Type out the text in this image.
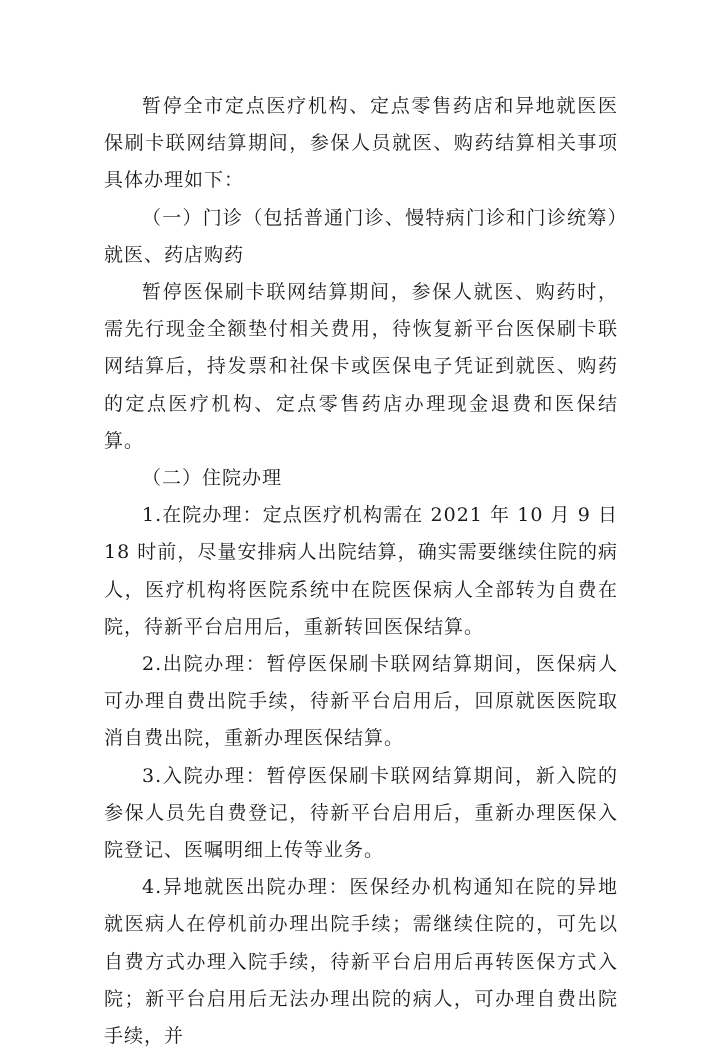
暂停全市定点医疗机构、定点零售药店和异地就医医保刷卡联网结算期间，参保人员就医、购药结算相关事项具体办理如下：

（一）门诊（包括普通门诊、慢特病门诊和门诊统筹）就医、药店购药

暂停医保刷卡联网结算期间，参保人就医、购药时，需先行现金全额垫付相关费用，待恢复新平台医保刷卡联网结算后，持发票和社保卡或医保电子凭证到就医、购药的定点医疗机构、定点零售药店办理现金退费和医保结算。

（二）住院办理

1.在院办理：定点医疗机构需在 2021 年 10 月 9 日 18 时前，尽量安排病人出院结算，确实需要继续住院的病人，医疗机构将医院系统中在院医保病人全部转为自费在院，待新平台启用后，重新转回医保结算。

2.出院办理：暂停医保刷卡联网结算期间，医保病人可办理自费出院手续，待新平台启用后，回原就医医院取消自费出院，重新办理医保结算。

3.入院办理：暂停医保刷卡联网结算期间，新入院的参保人员先自费登记，待新平台启用后，重新办理医保入院登记、医嘱明细上传等业务。

4.异地就医出院办理：医保经办机构通知在院的异地就医病人在停机前办理出院手续；需继续住院的，可先以自费方式办理入院手续，待新平台启用后再转医保方式入院；新平台启用后无法办理出院的病人，可办理自费出院手续，并
